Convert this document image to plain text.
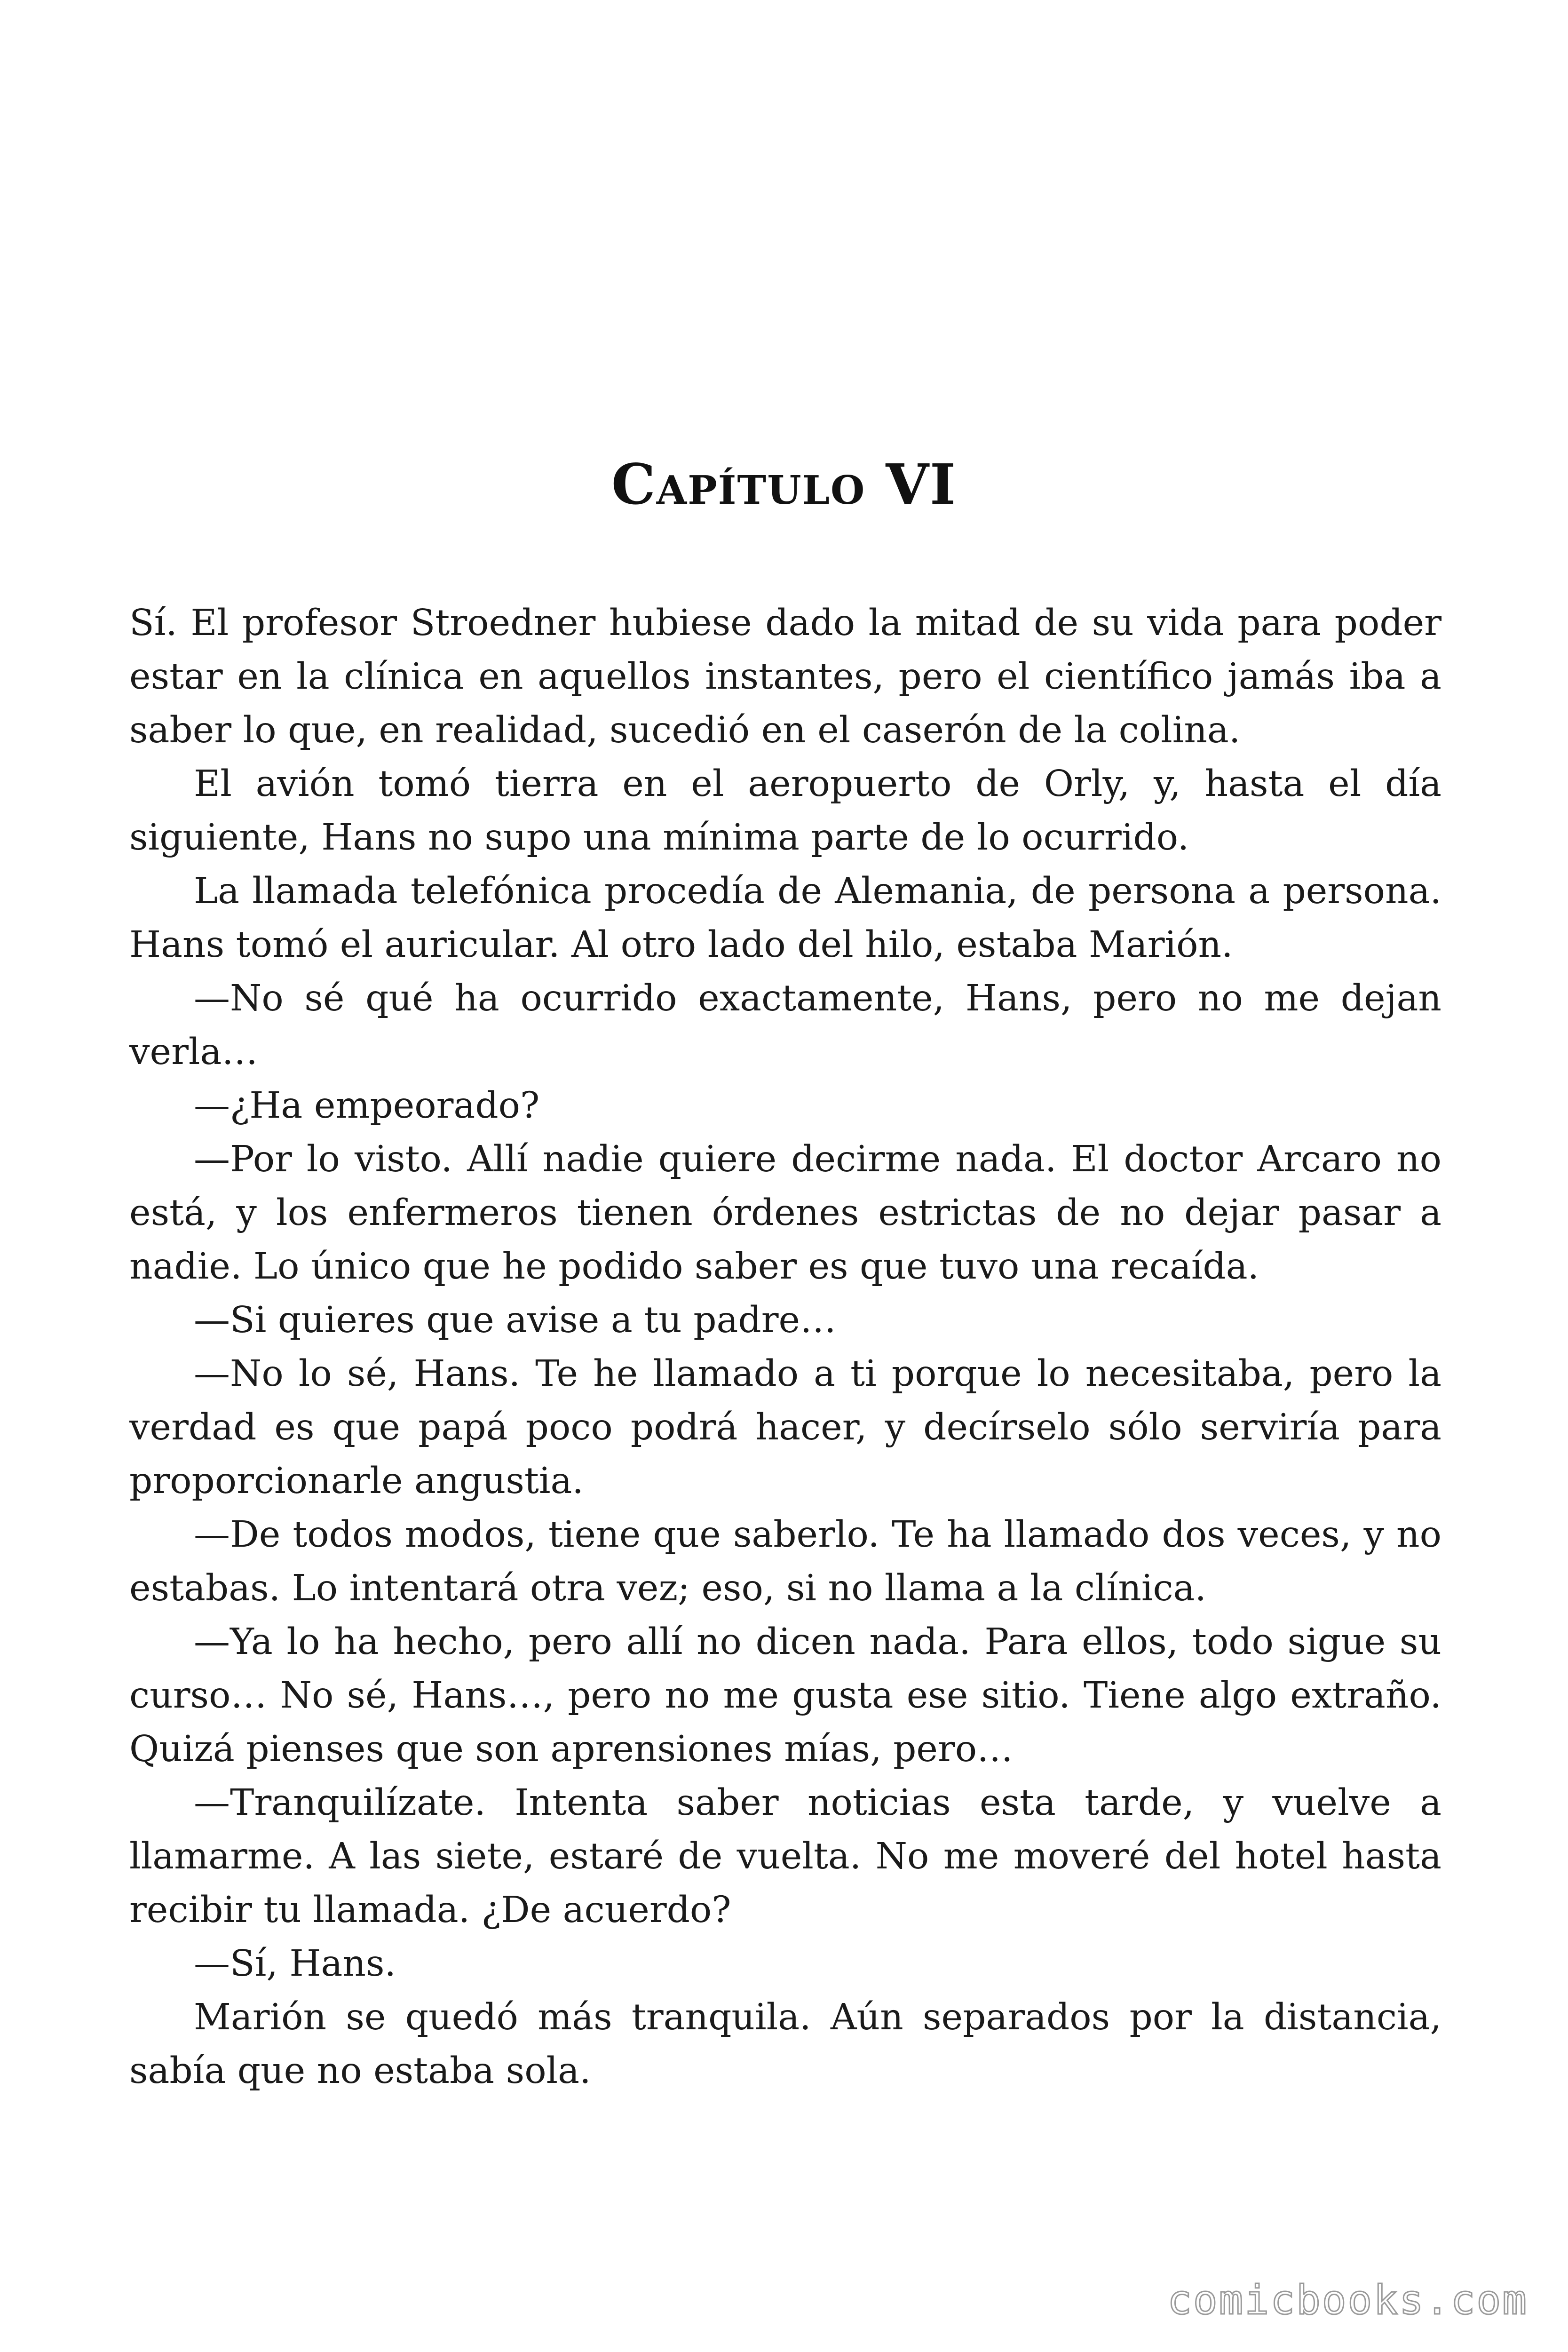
Capítulo VI

Sí. El profesor Stroedner hubiese dado la mitad de su vida para poder estar en la clínica en aquellos instantes, pero el científico jamás iba a saber lo que, en realidad, sucedió en el caserón de la colina.

El avión tomó tierra en el aeropuerto de Orly, y, hasta el día siguiente, Hans no supo una mínima parte de lo ocurrido.

La llamada telefónica procedía de Alemania, de persona a persona. Hans tomó el auricular. Al otro lado del hilo, estaba Marión.

—No sé qué ha ocurrido exactamente, Hans, pero no me dejan verla…

—¿Ha empeorado?

—Por lo visto. Allí nadie quiere decirme nada. El doctor Arcaro no está, y los enfermeros tienen órdenes estrictas de no dejar pasar a nadie. Lo único que he podido saber es que tuvo una recaída.

—Si quieres que avise a tu padre…

—No lo sé, Hans. Te he llamado a ti porque lo necesitaba, pero la verdad es que papá poco podrá hacer, y decírselo sólo serviría para proporcionarle angustia.

—De todos modos, tiene que saberlo. Te ha llamado dos veces, y no estabas. Lo intentará otra vez; eso, si no llama a la clínica.

—Ya lo ha hecho, pero allí no dicen nada. Para ellos, todo sigue su curso… No sé, Hans…, pero no me gusta ese sitio. Tiene algo extraño. Quizá pienses que son aprensiones mías, pero…

—Tranquilízate. Intenta saber noticias esta tarde, y vuelve a llamarme. A las siete, estaré de vuelta. No me moveré del hotel hasta recibir tu llamada. ¿De acuerdo?

—Sí, Hans.

Marión se quedó más tranquila. Aún separados por la distancia, sabía que no estaba sola.

comicbooks.com
